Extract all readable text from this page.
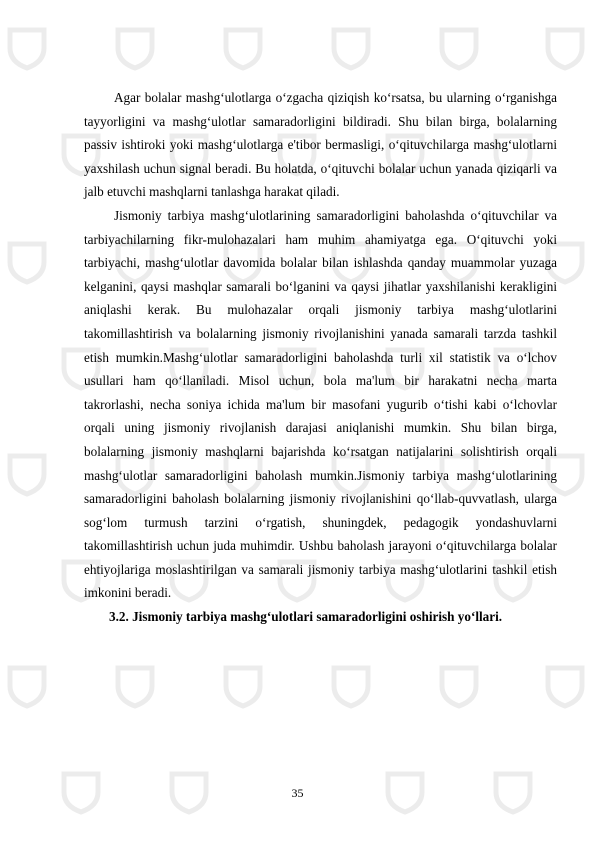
Agar bolalar mashg‘ulotlarga o‘zgacha qiziqish ko‘rsatsa, bu ularning o‘rganishga tayyorligini va mashg‘ulotlar samaradorligini bildiradi. Shu bilan birga, bolalarning passiv ishtiroki yoki mashg‘ulotlarga e'tibor bermasligi, o‘qituvchilarga mashg‘ulotlarni yaxshilash uchun signal beradi. Bu holatda, o‘qituvchi bolalar uchun yanada qiziqarli va jalb etuvchi mashqlarni tanlashga harakat qiladi.

Jismoniy tarbiya mashg‘ulotlarining samaradorligini baholashda o‘qituvchilar va tarbiyachilarning fikr-mulohazalari ham muhim ahamiyatga ega. O‘qituvchi yoki tarbiyachi, mashg‘ulotlar davomida bolalar bilan ishlashda qanday muammolar yuzaga kelganini, qaysi mashqlar samarali bo‘lganini va qaysi jihatlar yaxshilanishi kerakligini aniqlashi kerak. Bu mulohazalar orqali jismoniy tarbiya mashg‘ulotlarini takomillashtirish va bolalarning jismoniy rivojlanishini yanada samarali tarzda tashkil etish mumkin.Mashg‘ulotlar samaradorligini baholashda turli xil statistik va o‘lchov usullari ham qo‘llaniladi. Misol uchun, bola ma'lum bir harakatni necha marta takrorlashi, necha soniya ichida ma'lum bir masofani yugurib o‘tishi kabi o‘lchovlar orqali uning jismoniy rivojlanish darajasi aniqlanishi mumkin. Shu bilan birga, bolalarning jismoniy mashqlarni bajarishda ko‘rsatgan natijalarini solishtirish orqali mashg‘ulotlar samaradorligini baholash mumkin.Jismoniy tarbiya mashg‘ulotlarining samaradorligini baholash bolalarning jismoniy rivojlanishini qo‘llab-quvvatlash, ularga sog‘lom turmush tarzini o‘rgatish, shuningdek, pedagogik yondashuvlarni takomillashtirish uchun juda muhimdir. Ushbu baholash jarayoni o‘qituvchilarga bolalar ehtiyojlariga moslashtirilgan va samarali jismoniy tarbiya mashg‘ulotlarini tashkil etish imkonini beradi.

3.2. Jismoniy tarbiya mashg‘ulotlari samaradorligini oshirish yo‘llari.
35
